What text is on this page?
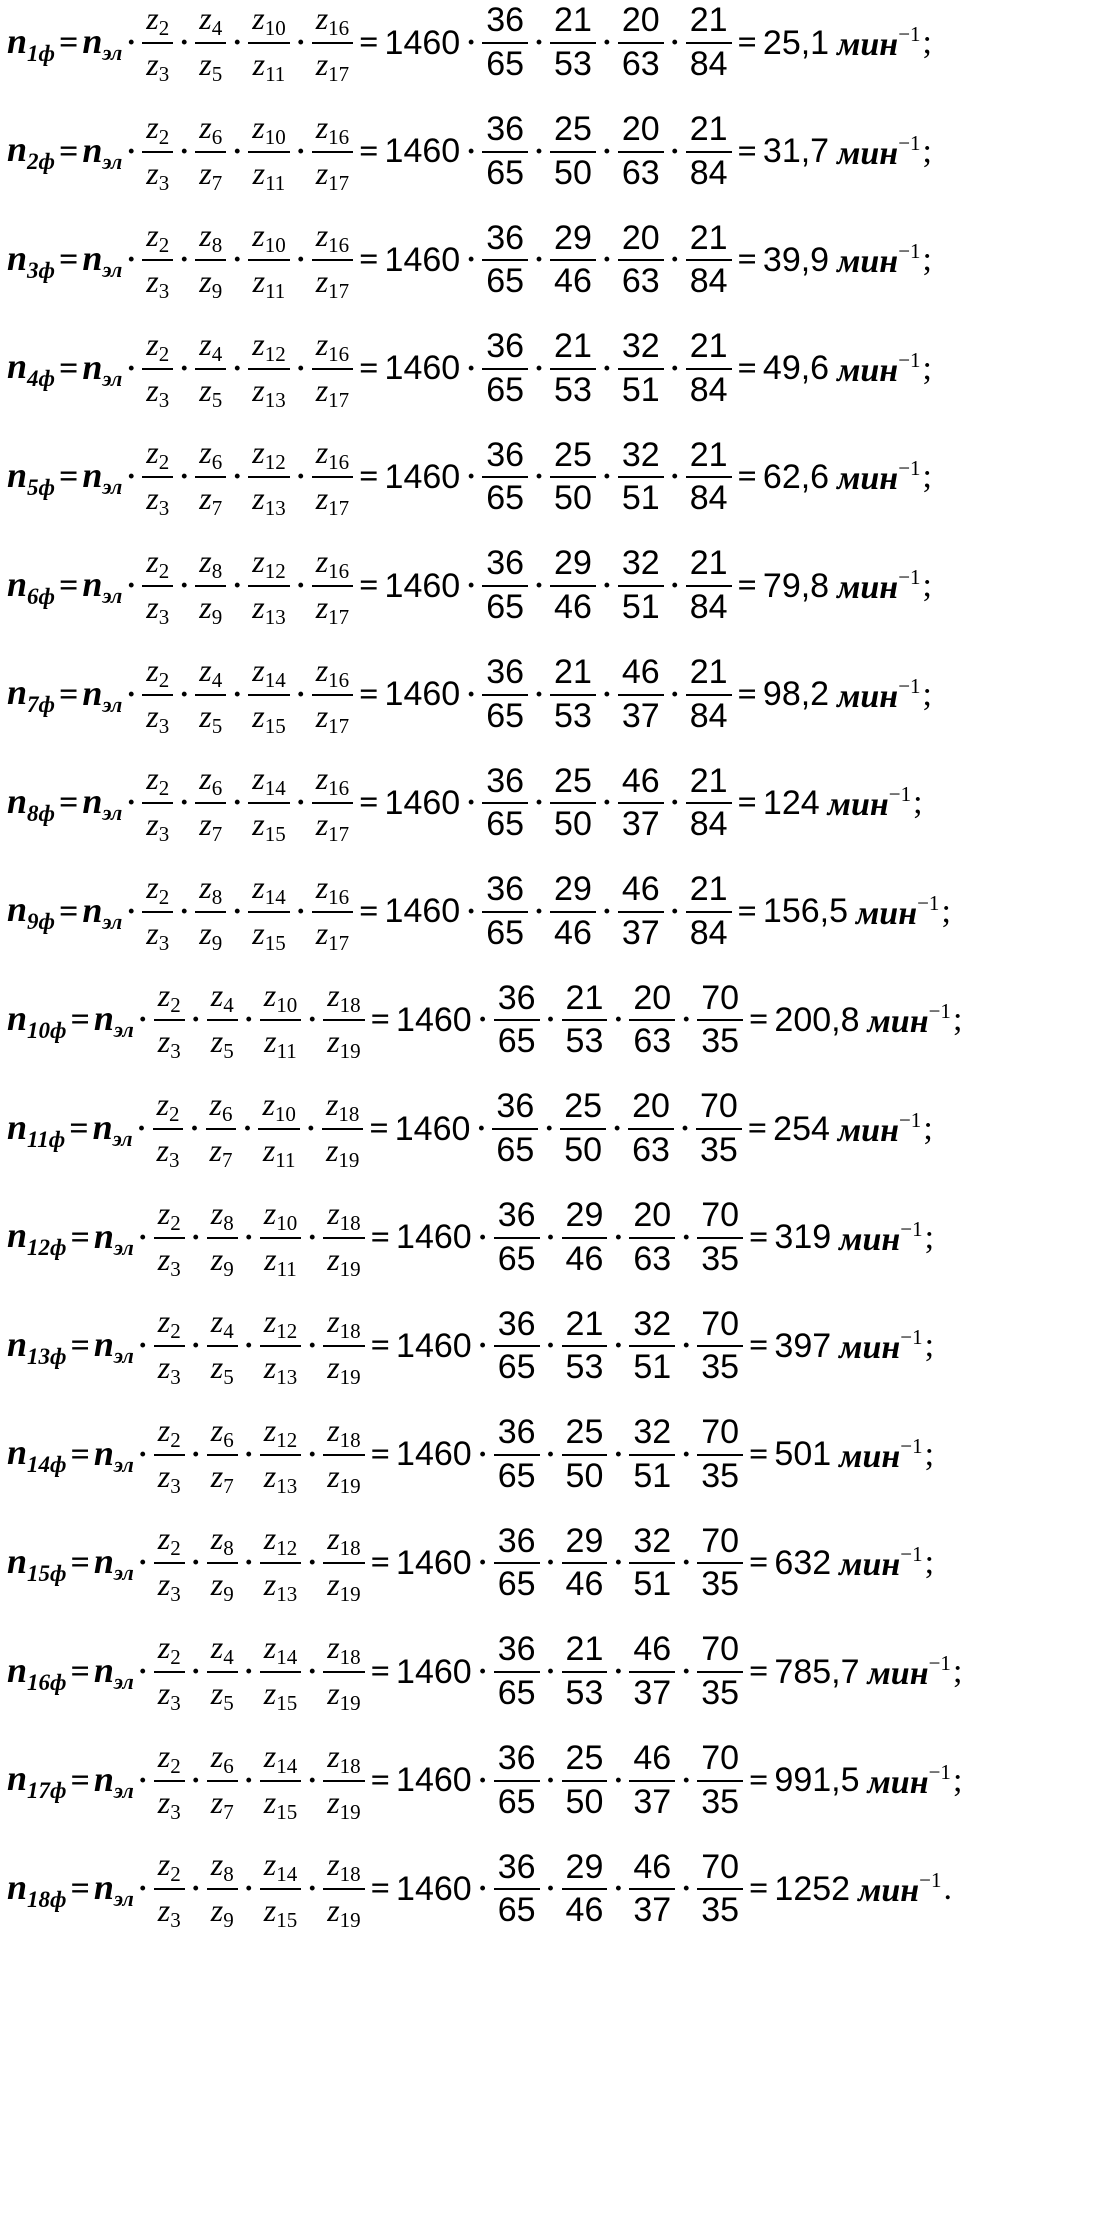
$n_{1ф} = n_{эл} \cdot \frac{z_2}{z_3} \cdot \frac{z_4}{z_5} \cdot \frac{z_{10}}{z_{11}} \cdot \frac{z_{16}}{z_{17}} = 1460 \cdot \frac{36}{65} \cdot \frac{21}{53} \cdot \frac{20}{63} \cdot \frac{21}{84} = 25,1$ мин$^{-1}$ ;
$n_{2ф} = n_{эл} \cdot \frac{z_2}{z_3} \cdot \frac{z_6}{z_7} \cdot \frac{z_{10}}{z_{11}} \cdot \frac{z_{16}}{z_{17}} = 1460 \cdot \frac{36}{65} \cdot \frac{25}{50} \cdot \frac{20}{63} \cdot \frac{21}{84} = 31,7$ мин$^{-1}$ ;
$n_{3ф} = n_{эл} \cdot \frac{z_2}{z_3} \cdot \frac{z_8}{z_9} \cdot \frac{z_{10}}{z_{11}} \cdot \frac{z_{16}}{z_{17}} = 1460 \cdot \frac{36}{65} \cdot \frac{29}{46} \cdot \frac{20}{63} \cdot \frac{21}{84} = 39,9$ мин$^{-1}$ ;
$n_{4ф} = n_{эл} \cdot \frac{z_2}{z_3} \cdot \frac{z_4}{z_5} \cdot \frac{z_{12}}{z_{13}} \cdot \frac{z_{16}}{z_{17}} = 1460 \cdot \frac{36}{65} \cdot \frac{21}{53} \cdot \frac{32}{51} \cdot \frac{21}{84} = 49,6$ мин$^{-1}$ ;
$n_{5ф} = n_{эл} \cdot \frac{z_2}{z_3} \cdot \frac{z_6}{z_7} \cdot \frac{z_{12}}{z_{13}} \cdot \frac{z_{16}}{z_{17}} = 1460 \cdot \frac{36}{65} \cdot \frac{25}{50} \cdot \frac{32}{51} \cdot \frac{21}{84} = 62,6$ мин$^{-1}$ ;
$n_{6ф} = n_{эл} \cdot \frac{z_2}{z_3} \cdot \frac{z_8}{z_9} \cdot \frac{z_{12}}{z_{13}} \cdot \frac{z_{16}}{z_{17}} = 1460 \cdot \frac{36}{65} \cdot \frac{29}{46} \cdot \frac{32}{51} \cdot \frac{21}{84} = 79,8$ мин$^{-1}$ ;
$n_{7ф} = n_{эл} \cdot \frac{z_2}{z_3} \cdot \frac{z_4}{z_5} \cdot \frac{z_{14}}{z_{15}} \cdot \frac{z_{16}}{z_{17}} = 1460 \cdot \frac{36}{65} \cdot \frac{21}{53} \cdot \frac{46}{37} \cdot \frac{21}{84} = 98,2$ мин$^{-1}$ ;
$n_{8ф} = n_{эл} \cdot \frac{z_2}{z_3} \cdot \frac{z_6}{z_7} \cdot \frac{z_{14}}{z_{15}} \cdot \frac{z_{16}}{z_{17}} = 1460 \cdot \frac{36}{65} \cdot \frac{25}{50} \cdot \frac{46}{37} \cdot \frac{21}{84} = 124$ мин$^{-1}$ ;
$n_{9ф} = n_{эл} \cdot \frac{z_2}{z_3} \cdot \frac{z_8}{z_9} \cdot \frac{z_{14}}{z_{15}} \cdot \frac{z_{16}}{z_{17}} = 1460 \cdot \frac{36}{65} \cdot \frac{29}{46} \cdot \frac{46}{37} \cdot \frac{21}{84} = 156,5$ мин$^{-1}$ ;
$n_{10ф} = n_{эл} \cdot \frac{z_2}{z_3} \cdot \frac{z_4}{z_5} \cdot \frac{z_{10}}{z_{11}} \cdot \frac{z_{18}}{z_{19}} = 1460 \cdot \frac{36}{65} \cdot \frac{21}{53} \cdot \frac{20}{63} \cdot \frac{70}{35} = 200,8$ мин$^{-1}$ ;
$n_{11ф} = n_{эл} \cdot \frac{z_2}{z_3} \cdot \frac{z_6}{z_7} \cdot \frac{z_{10}}{z_{11}} \cdot \frac{z_{18}}{z_{19}} = 1460 \cdot \frac{36}{65} \cdot \frac{25}{50} \cdot \frac{20}{63} \cdot \frac{70}{35} = 254$ мин$^{-1}$ ;
$n_{12ф} = n_{эл} \cdot \frac{z_2}{z_3} \cdot \frac{z_8}{z_9} \cdot \frac{z_{10}}{z_{11}} \cdot \frac{z_{18}}{z_{19}} = 1460 \cdot \frac{36}{65} \cdot \frac{29}{46} \cdot \frac{20}{63} \cdot \frac{70}{35} = 319$ мин$^{-1}$ ;
$n_{13ф} = n_{эл} \cdot \frac{z_2}{z_3} \cdot \frac{z_4}{z_5} \cdot \frac{z_{12}}{z_{13}} \cdot \frac{z_{18}}{z_{19}} = 1460 \cdot \frac{36}{65} \cdot \frac{21}{53} \cdot \frac{32}{51} \cdot \frac{70}{35} = 397$ мин$^{-1}$ ;
$n_{14ф} = n_{эл} \cdot \frac{z_2}{z_3} \cdot \frac{z_6}{z_7} \cdot \frac{z_{12}}{z_{13}} \cdot \frac{z_{18}}{z_{19}} = 1460 \cdot \frac{36}{65} \cdot \frac{25}{50} \cdot \frac{32}{51} \cdot \frac{70}{35} = 501$ мин$^{-1}$ ;
$n_{15ф} = n_{эл} \cdot \frac{z_2}{z_3} \cdot \frac{z_8}{z_9} \cdot \frac{z_{12}}{z_{13}} \cdot \frac{z_{18}}{z_{19}} = 1460 \cdot \frac{36}{65} \cdot \frac{29}{46} \cdot \frac{32}{51} \cdot \frac{70}{35} = 632$ мин$^{-1}$ ;
$n_{16ф} = n_{эл} \cdot \frac{z_2}{z_3} \cdot \frac{z_4}{z_5} \cdot \frac{z_{14}}{z_{15}} \cdot \frac{z_{18}}{z_{19}} = 1460 \cdot \frac{36}{65} \cdot \frac{21}{53} \cdot \frac{46}{37} \cdot \frac{70}{35} = 785,7$ мин$^{-1}$ ;
$n_{17ф} = n_{эл} \cdot \frac{z_2}{z_3} \cdot \frac{z_6}{z_7} \cdot \frac{z_{14}}{z_{15}} \cdot \frac{z_{18}}{z_{19}} = 1460 \cdot \frac{36}{65} \cdot \frac{25}{50} \cdot \frac{46}{37} \cdot \frac{70}{35} = 991,5$ мин$^{-1}$ ;
$n_{18ф} = n_{эл} \cdot \frac{z_2}{z_3} \cdot \frac{z_8}{z_9} \cdot \frac{z_{14}}{z_{15}} \cdot \frac{z_{18}}{z_{19}} = 1460 \cdot \frac{36}{65} \cdot \frac{29}{46} \cdot \frac{46}{37} \cdot \frac{70}{35} = 1252$ мин$^{-1}$ .
